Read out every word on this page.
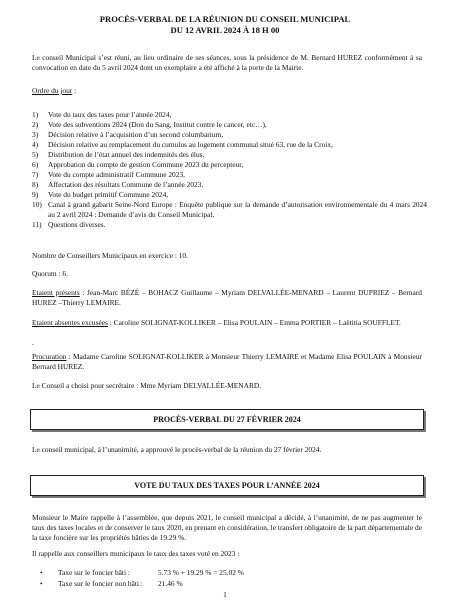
PROCÈS-VERBAL DE LA RÉUNION DU CONSEIL MUNICIPAL
DU 12 AVRIL 2024 À 18 H 00
Le conseil Municipal s’est réuni, au lieu ordinaire de ses séances, sous la présidence de M. Bernard HUREZ conformément à sa convocation en date du 5 avril 2024 dont un exemplaire a été affiché à la porte de la Mairie.
Ordre du jour :
1) Vote du taux des taxes pour l’année 2024,
2) Vote des subventions 2024 (Don du Sang, Institut contre le cancer, etc…),
3) Décision relative à l’acquisition d’un second columbarium,
4) Décision relative au remplacement du cumulus au logement communal situé 63, rue de la Croix,
5) Distribution de l’état annuel des indemnités des élus,
6) Approbation du compte de gestion Commune 2023 du percepteur,
7) Vote du compte administratif Commune 2023,
8) Affectation des résultats Commune de l’année 2023,
9) Vote du budget primitif Commune 2024,
10) Canal à grand gabarit Seine-Nord Europe : Enquête publique sur la demande d’autorisation environnementale du 4 mars 2024 au 2 avril 2024 : Demande d’avis du Conseil Municipal,
11) Questions diverses.
Nombre de Conseillers Municipaux en exercice : 10.
Quorum : 6.
Etaient présents : Jean-Marc BÉZÉ – BOHACZ Guillaume – Myriam DELVALLÉE-MENARD – Laurent DUPRIEZ – Bernard HUREZ –Thierry LEMAIRE.
Etaient absentes excusées : Caroline SOLIGNAT-KOLLIKER – Elisa POULAIN – Emma PORTIER – Laëtitia SOUFFLET.
.
Procuration : Madame Caroline SOLIGNAT-KOLLIKER à Monsieur Thierry LEMAIRE et Madame Elisa POULAIN à Monsieur Bernard HUREZ.
Le Conseil a choisi pour secrétaire : Mme Myriam DELVALLÉE-MENARD.
PROCÈS-VERBAL DU 27 FÉVRIER 2024
Le conseil municipal, à l’unanimité, a approuvé le procès-verbal de la réunion du 27 février 2024.
VOTE DU TAUX DES TAXES POUR L’ANNÉE 2024
Monsieur le Maire rappelle à l’assemblée, que depuis 2021, le conseil municipal a décidé, à l’unanimité, de ne pas augmenter le taux des taxes locales et de conserver le taux 2020, en prenant en considération, le transfert obligatoire de la part départementale de la taxe foncière sur les propriétés bâties de 19.29 %.
Il rappelle aux conseillers municipaux le taux des taxes voté en 2023 :
• Taxe sur le foncier bâti :	5.73 % + 19.29 % = 25.02 %
• Taxe sur le foncier non bâti : 21.46 %
1
